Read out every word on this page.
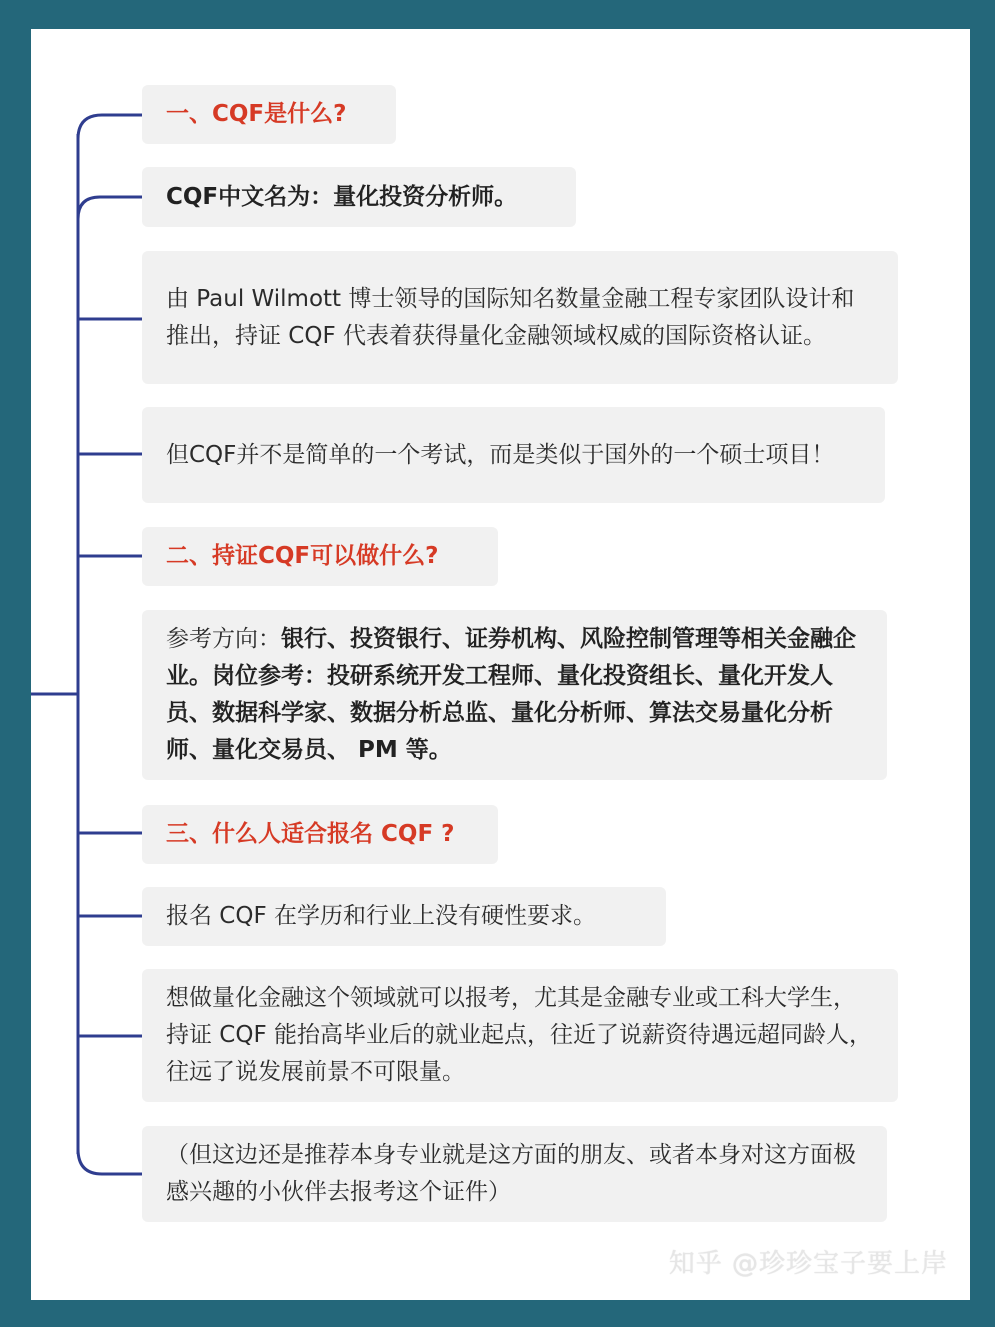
一、CQF是什么?
CQF中文名为：量化投资分析师。
由 Paul Wilmott 博士领导的国际知名数量金融工程专家团队设计和推出，持证 CQF 代表着获得量化金融领域权威的国际资格认证。
但CQF并不是简单的一个考试，而是类似于国外的一个硕士项目！
二、持证CQF可以做什么?
参考方向：银行、投资银行、证券机构、风险控制管理等相关金融企业。岗位参考：投研系统开发工程师、量化投资组长、量化开发人员、数据科学家、数据分析总监、量化分析师、算法交易量化分析师、量化交易员、 PM 等。
三、什么人适合报名 CQF ?
报名 CQF 在学历和行业上没有硬性要求。
想做量化金融这个领域就可以报考，尤其是金融专业或工科大学生，持证 CQF 能抬高毕业后的就业起点，往近了说薪资待遇远超同龄人，往远了说发展前景不可限量。
（但这边还是推荐本身专业就是这方面的朋友、或者本身对这方面极感兴趣的小伙伴去报考这个证件）
知乎 @珍珍宝子要上岸
